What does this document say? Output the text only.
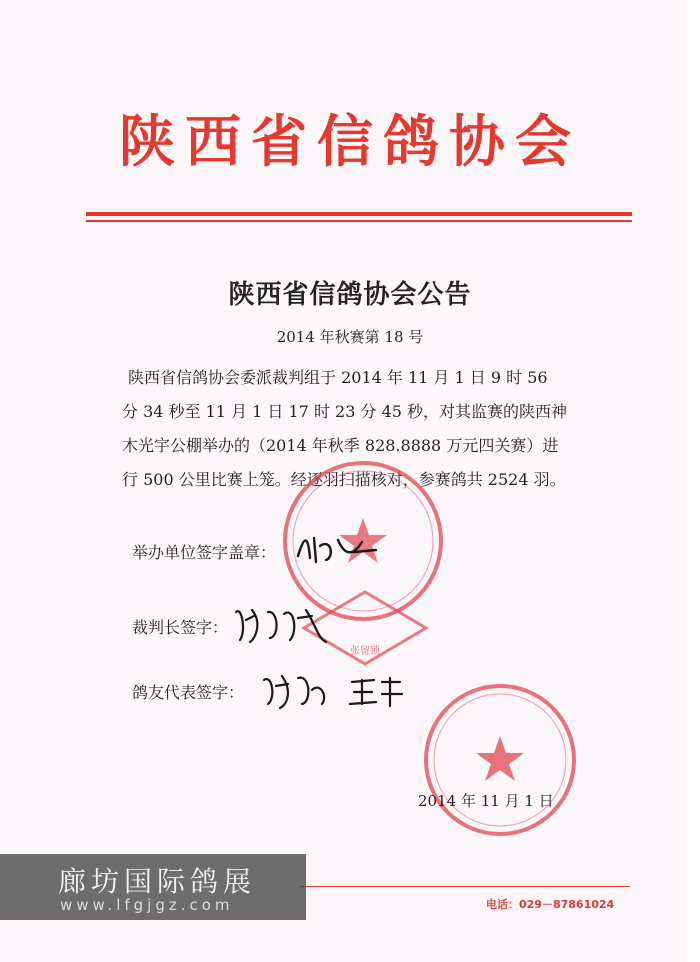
陕西省信鸽协会
陕西省信鸽协会公告
2014 年秋赛第 18 号
陕西省信鸽协会委派裁判组于 2014 年 11 月 1 日 9 时 56
分 34 秒至 11 月 1 日 17 时 23 分 45 秒，对其监赛的陕西神
木光宇公棚举办的（2014 年秋季 828.8888 万元四关赛）进
行 500 公里比赛上笼。经逐羽扫描核对，参赛鸽共 2524 羽。
张留锁
举办单位签字盖章：
裁判长签字：
鸽友代表签字：
2014 年 11 月 1 日
电话：029－87861024
廊坊国际鸽展
www.lfgjgz.com
